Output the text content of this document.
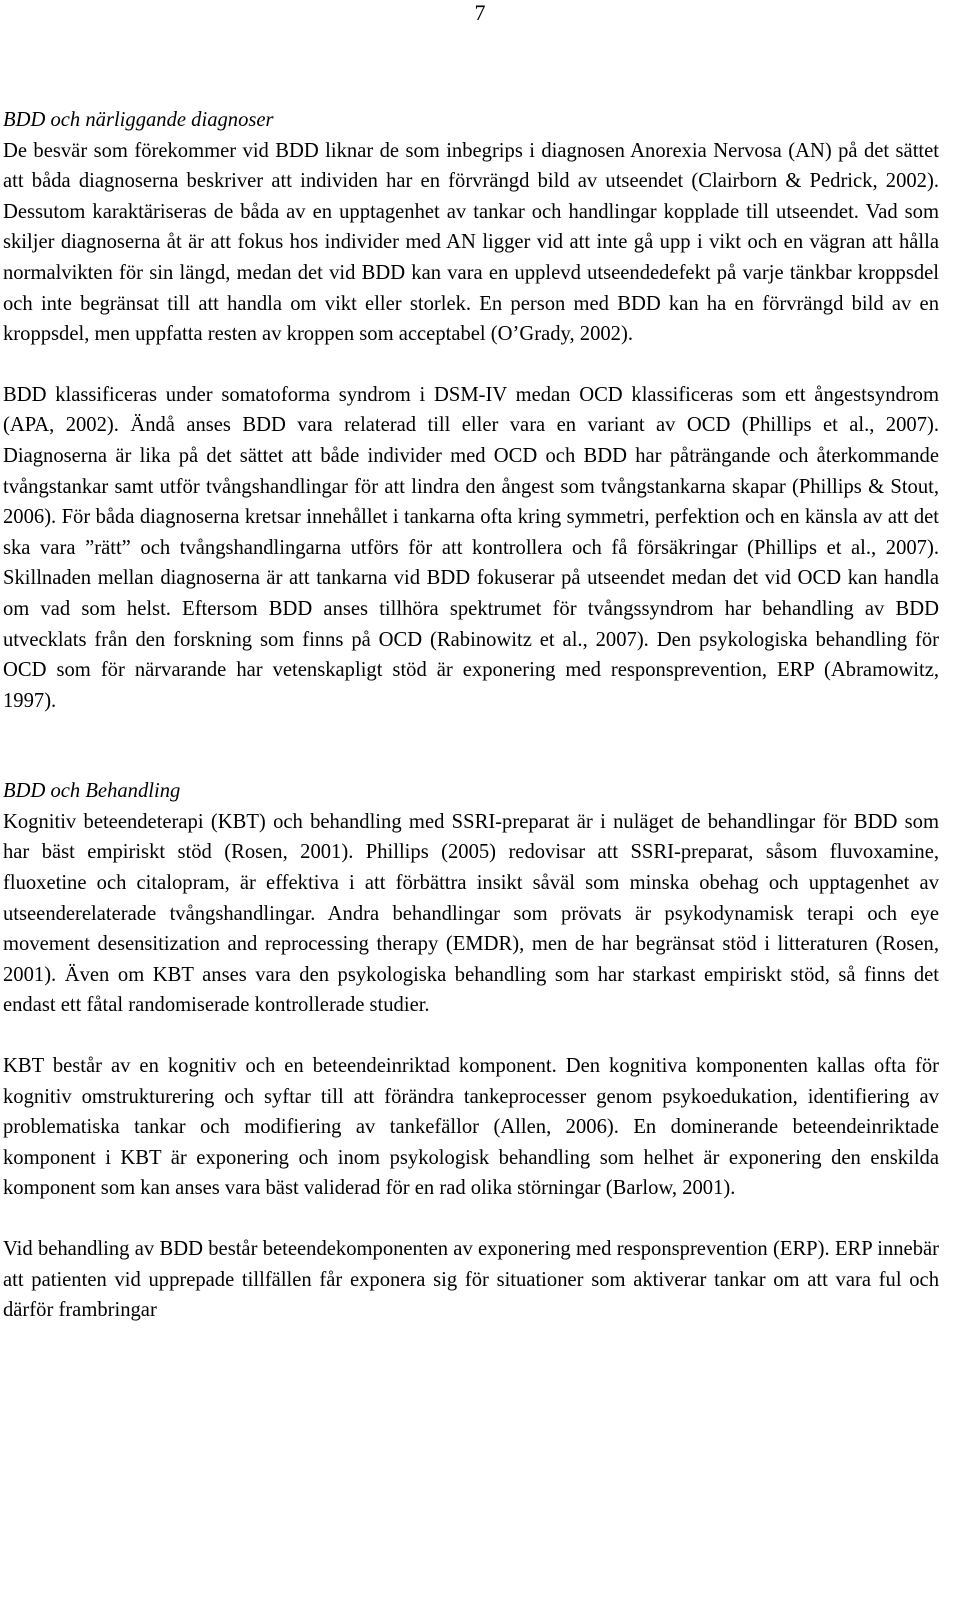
7
BDD och närliggande diagnoser

De besvär som förekommer vid BDD liknar de som inbegrips i diagnosen Anorexia Nervosa (AN) på det sättet att båda diagnoserna beskriver att individen har en förvrängd bild av utseendet (Clairborn & Pedrick, 2002). Dessutom karaktäriseras de båda av en upptagenhet av tankar och handlingar kopplade till utseendet. Vad som skiljer diagnoserna åt är att fokus hos individer med AN ligger vid att inte gå upp i vikt och en vägran att hålla normalvikten för sin längd, medan det vid BDD kan vara en upplevd utseendedefekt på varje tänkbar kroppsdel och inte begränsat till att handla om vikt eller storlek. En person med BDD kan ha en förvrängd bild av en kroppsdel, men uppfatta resten av kroppen som acceptabel (O’Grady, 2002).

BDD klassificeras under somatoforma syndrom i DSM-IV medan OCD klassificeras som ett ångestsyndrom (APA, 2002). Ändå anses BDD vara relaterad till eller vara en variant av OCD (Phillips et al., 2007). Diagnoserna är lika på det sättet att både individer med OCD och BDD har påträngande och återkommande tvångstankar samt utför tvångshandlingar för att lindra den ångest som tvångstankarna skapar (Phillips & Stout, 2006). För båda diagnoserna kretsar innehållet i tankarna ofta kring symmetri, perfektion och en känsla av att det ska vara ”rätt” och tvångshandlingarna utförs för att kontrollera och få försäkringar (Phillips et al., 2007). Skillnaden mellan diagnoserna är att tankarna vid BDD fokuserar på utseendet medan det vid OCD kan handla om vad som helst. Eftersom BDD anses tillhöra spektrumet för tvångssyndrom har behandling av BDD utvecklats från den forskning som finns på OCD (Rabinowitz et al., 2007). Den psykologiska behandling för OCD som för närvarande har vetenskapligt stöd är exponering med responsprevention, ERP (Abramowitz, 1997).

BDD och Behandling

Kognitiv beteendeterapi (KBT) och behandling med SSRI-preparat är i nuläget de behandlingar för BDD som har bäst empiriskt stöd (Rosen, 2001). Phillips (2005) redovisar att SSRI-preparat, såsom fluvoxamine, fluoxetine och citalopram, är effektiva i att förbättra insikt såväl som minska obehag och upptagenhet av utseenderelaterade tvångshandlingar. Andra behandlingar som prövats är psykodynamisk terapi och eye movement desensitization and reprocessing therapy (EMDR), men de har begränsat stöd i litteraturen (Rosen, 2001). Även om KBT anses vara den psykologiska behandling som har starkast empiriskt stöd, så finns det endast ett fåtal randomiserade kontrollerade studier.

KBT består av en kognitiv och en beteendeinriktad komponent. Den kognitiva komponenten kallas ofta för kognitiv omstrukturering och syftar till att förändra tankeprocesser genom psykoedukation, identifiering av problematiska tankar och modifiering av tankefällor (Allen, 2006). En dominerande beteendeinriktade komponent i KBT är exponering och inom psykologisk behandling som helhet är exponering den enskilda komponent som kan anses vara bäst validerad för en rad olika störningar (Barlow, 2001).

Vid behandling av BDD består beteendekomponenten av exponering med responsprevention (ERP). ERP innebär att patienten vid upprepade tillfällen får exponera sig för situationer som aktiverar tankar om att vara ful och därför frambringar
